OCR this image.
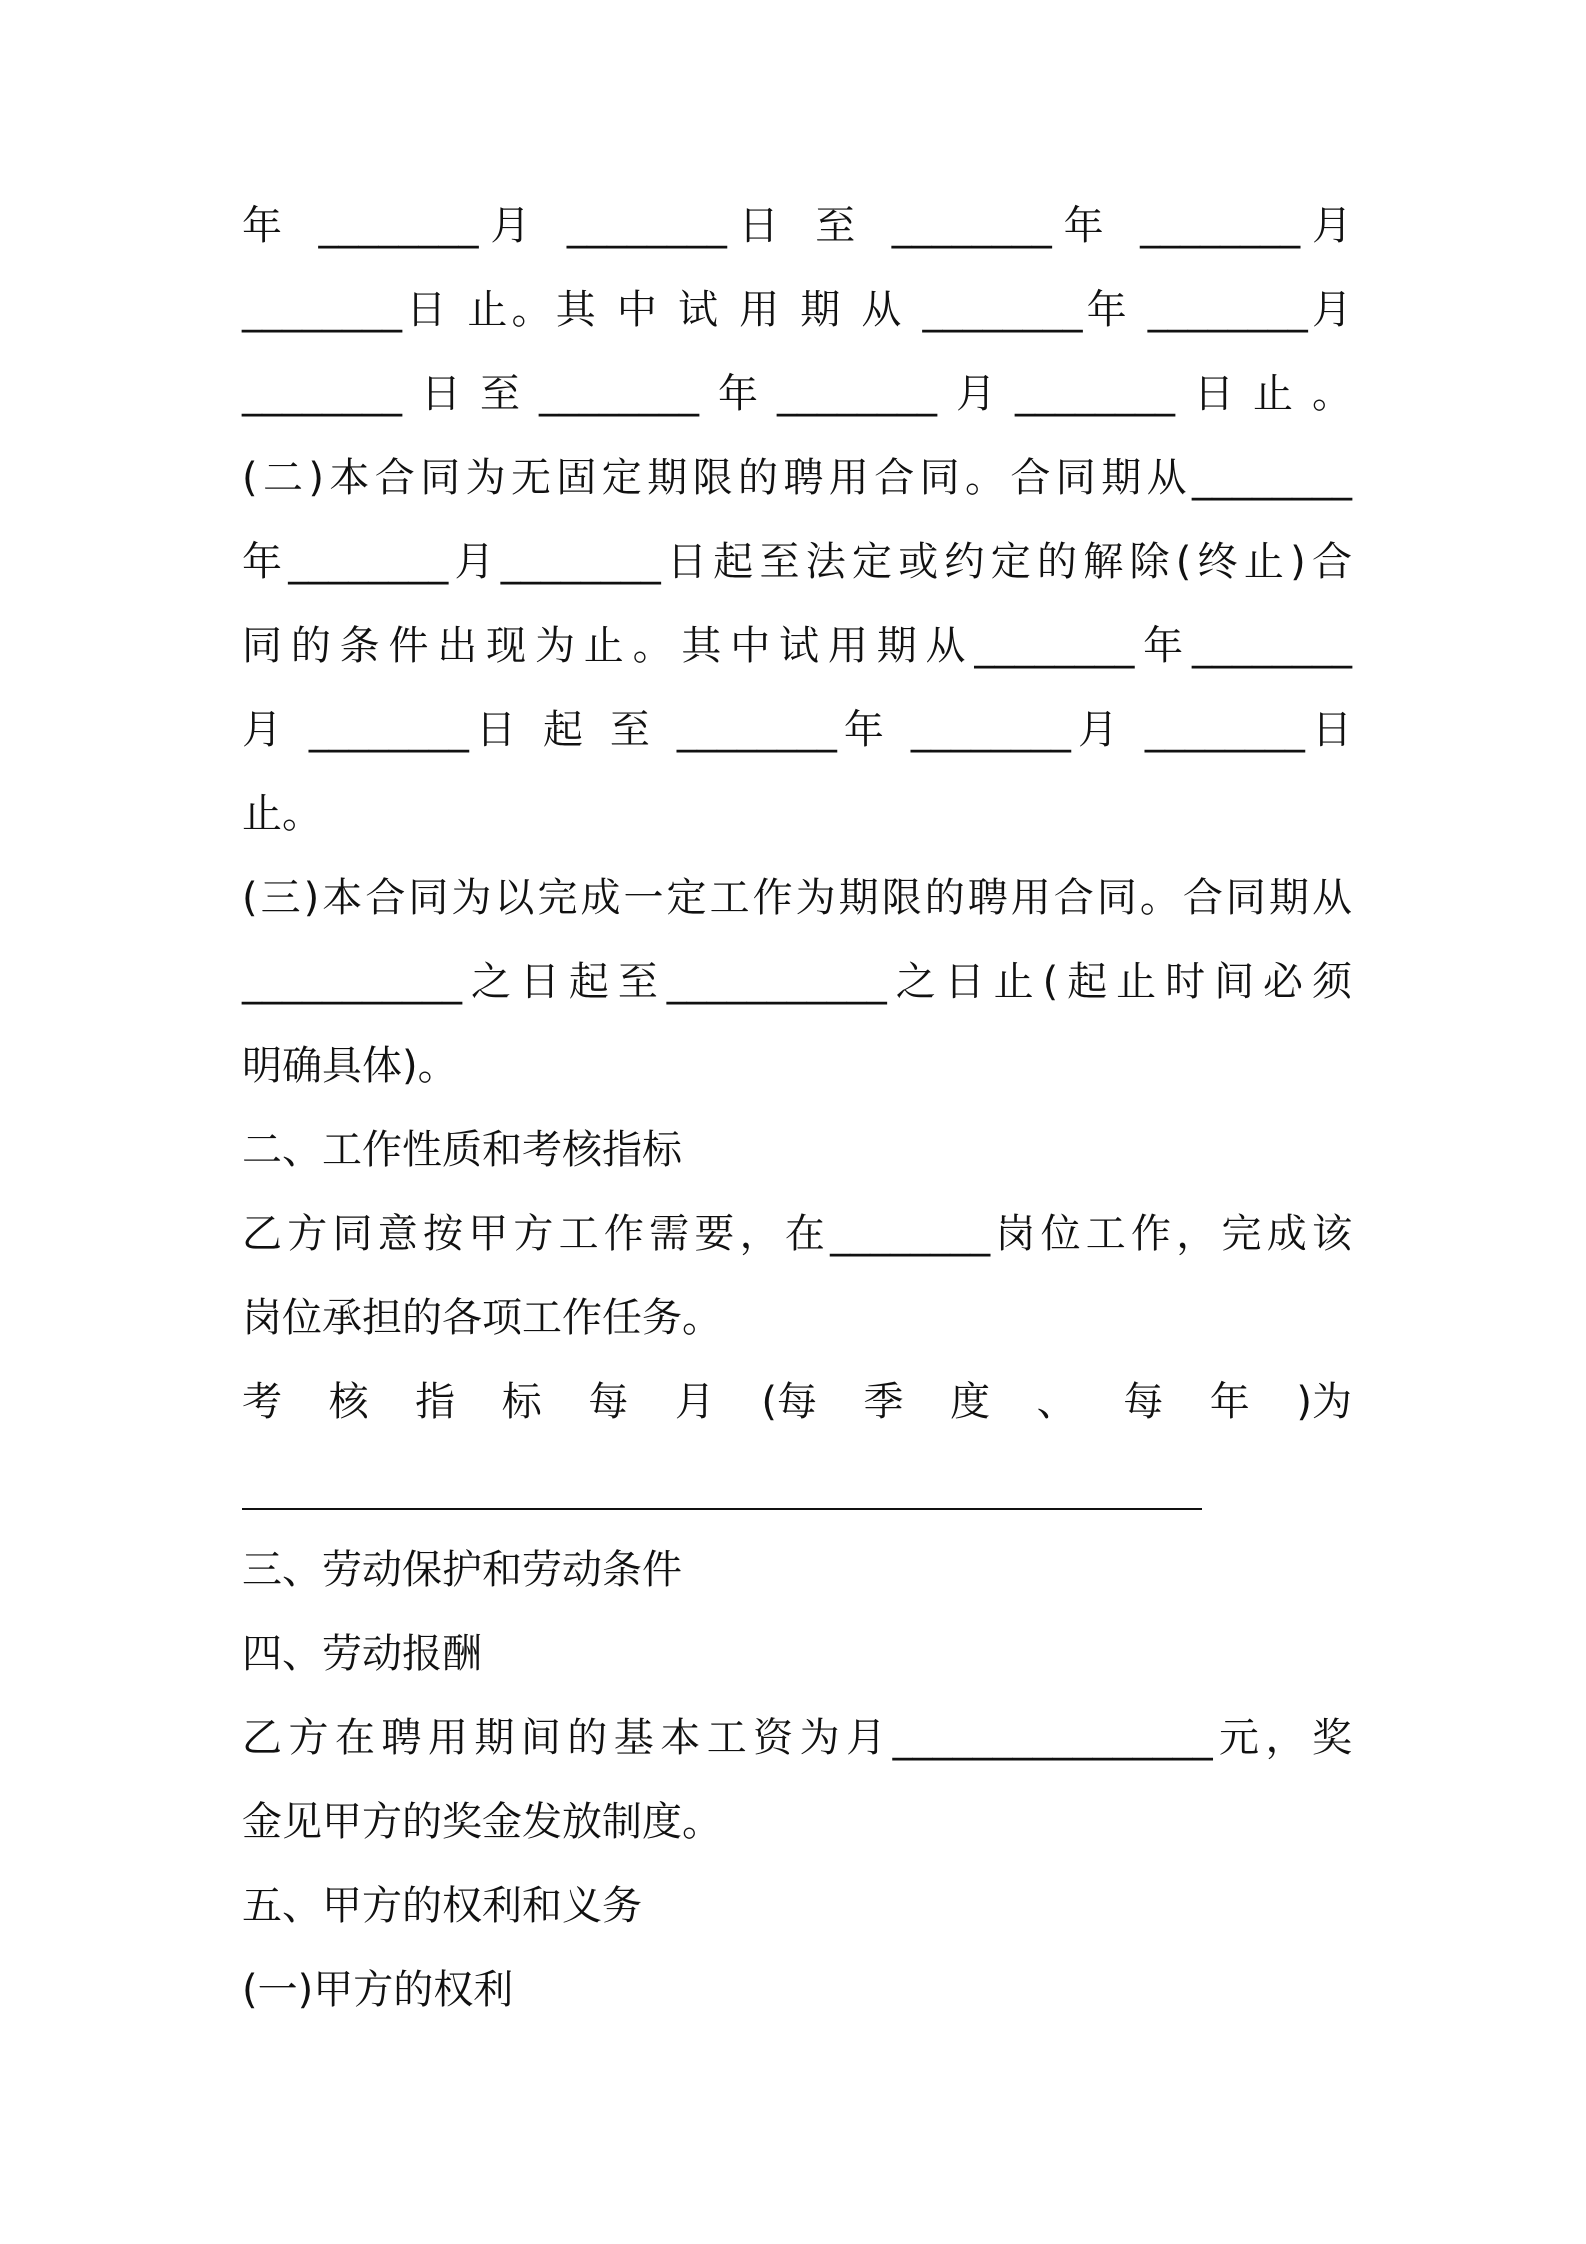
年 ________月 ________日 至 ________年 ________月
________日 止。其 中 试 用 期 从 ________年 ________月
________日至________年________月________日止。
(二)本合同为无固定期限的聘用合同。合同期从________
年________月________日起至法定或约定的解除(终止)合
同的条件出现为止。其中试用期从________年________
月 ________日 起 至 ________年 ________月 ________日
止。
(三)本合同为以完成一定工作为期限的聘用合同。合同期从
___________之日起至___________之日止(起止时间必须
明确具体)。
二、工作性质和考核指标
乙方同意按甲方工作需要，在________岗位工作，完成该
岗位承担的各项工作任务。
考 核 指 标 每 月 (每 季 度 、 每 年 )为
三、劳动保护和劳动条件
四、劳动报酬
乙方在聘用期间的基本工资为月________________元，奖
金见甲方的奖金发放制度。
五、甲方的权利和义务
(一)甲方的权利
